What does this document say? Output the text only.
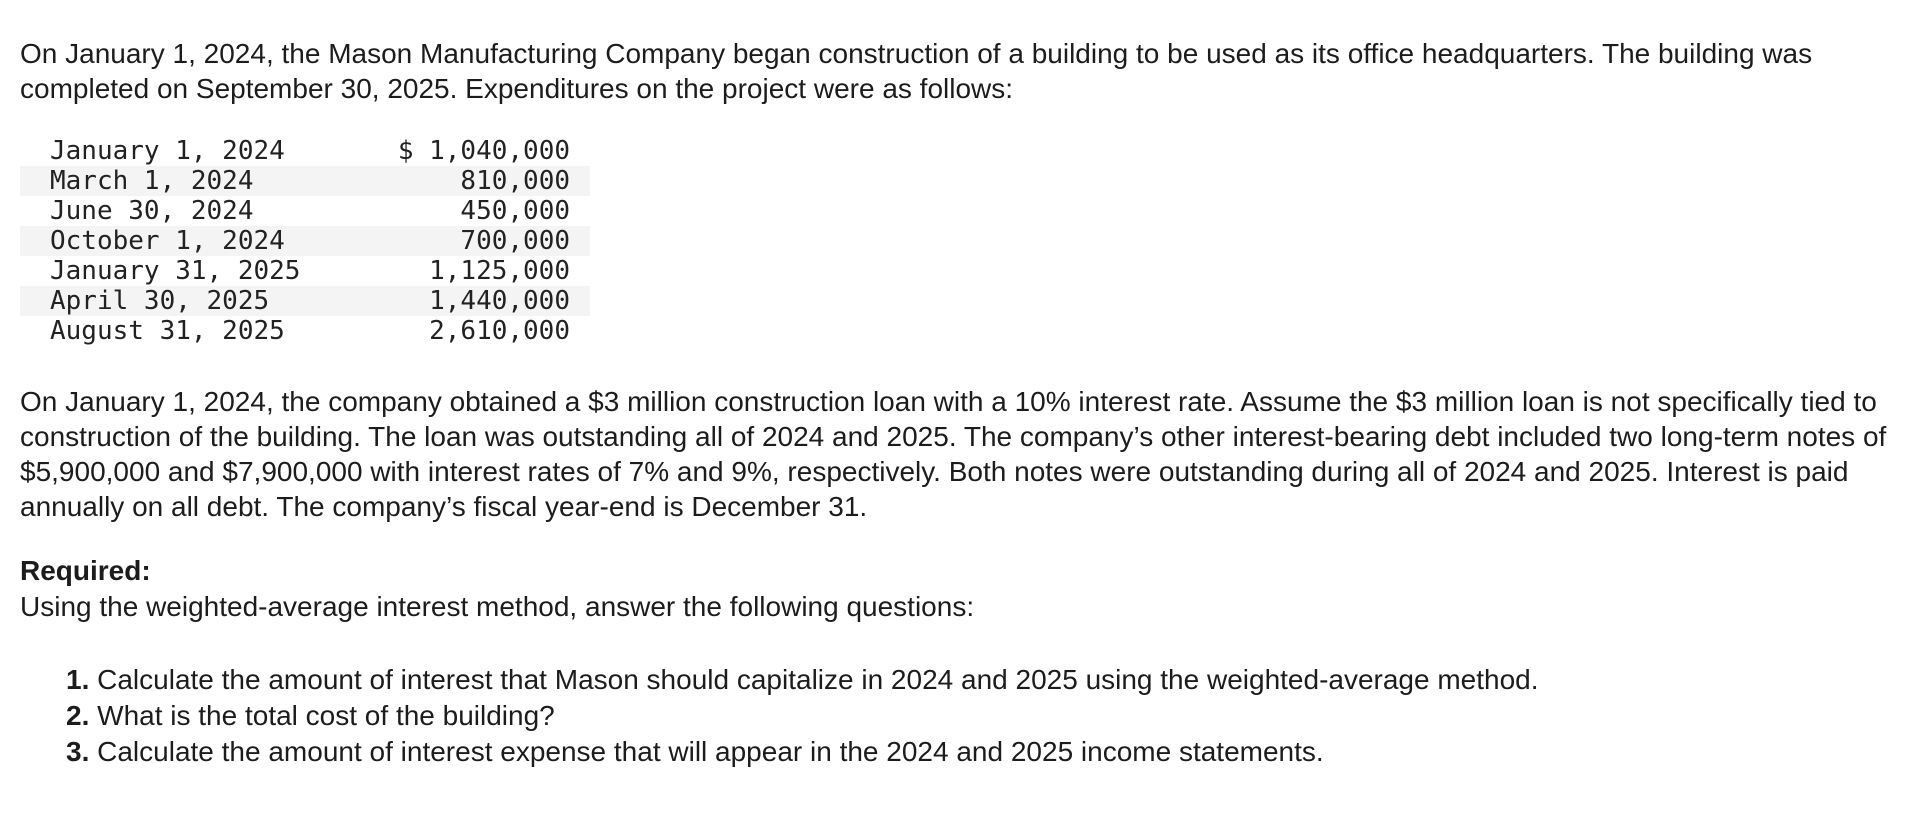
On January 1, 2024, the Mason Manufacturing Company began construction of a building to be used as its office headquarters. The building was completed on September 30, 2025. Expenditures on the project were as follows:

January 1, 2024	$ 1,040,000
March 1, 2024	810,000
June 30, 2024	450,000
October 1, 2024	700,000
January 31, 2025	1,125,000
April 30, 2025	1,440,000
August 31, 2025	2,610,000

On January 1, 2024, the company obtained a $3 million construction loan with a 10% interest rate. Assume the $3 million loan is not specifically tied to construction of the building. The loan was outstanding all of 2024 and 2025. The company’s other interest-bearing debt included two long-term notes of $5,900,000 and $7,900,000 with interest rates of 7% and 9%, respectively. Both notes were outstanding during all of 2024 and 2025. Interest is paid annually on all debt. The company’s fiscal year-end is December 31.

Required:

Using the weighted-average interest method, answer the following questions:

1. Calculate the amount of interest that Mason should capitalize in 2024 and 2025 using the weighted-average method.
2. What is the total cost of the building?
3. Calculate the amount of interest expense that will appear in the 2024 and 2025 income statements.
